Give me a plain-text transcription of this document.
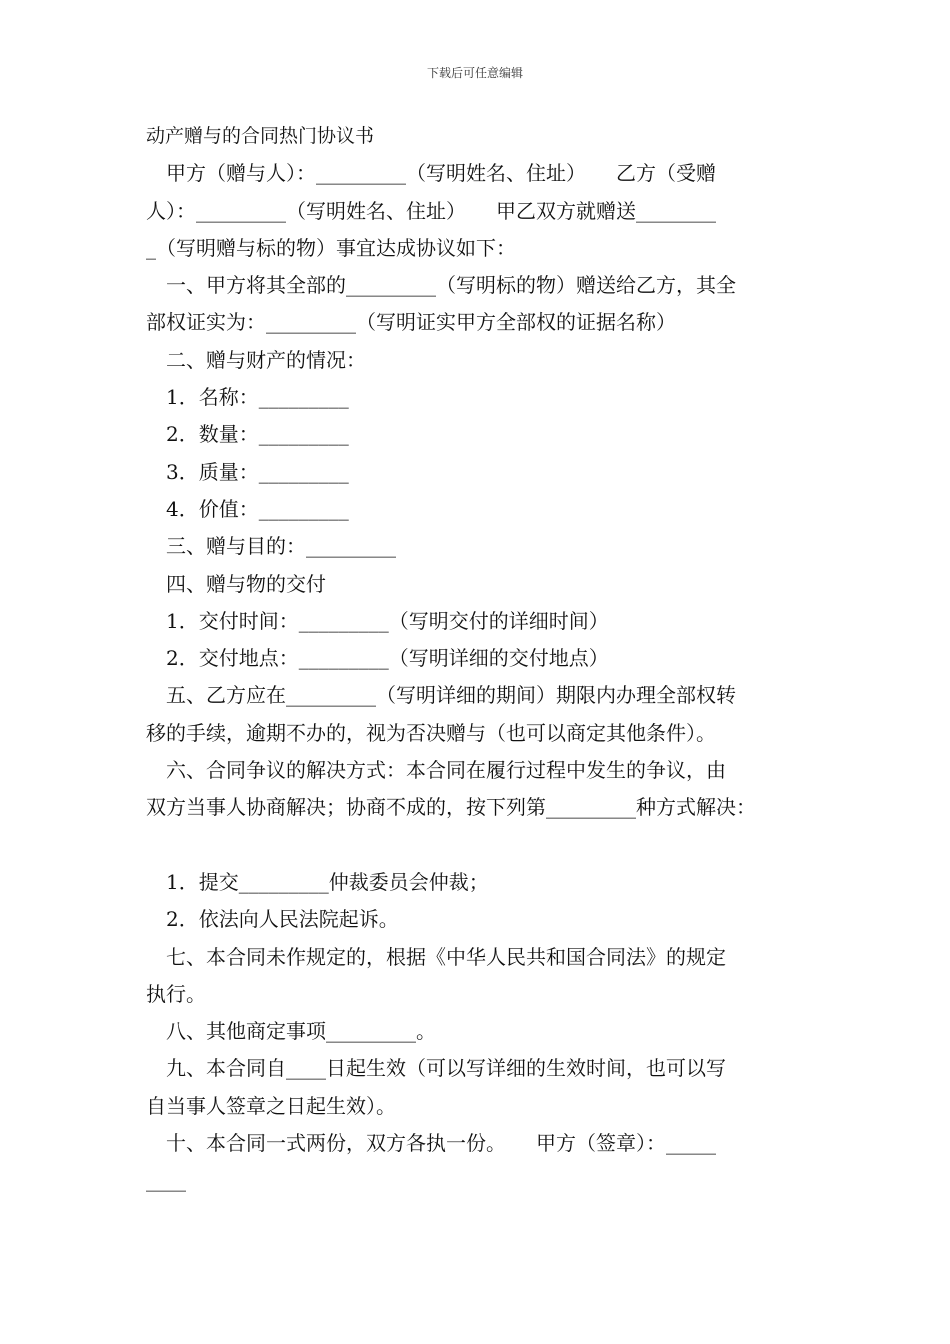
下载后可任意编辑
动产赠与的合同热门协议书
甲方（赠与人）：_________（写明姓名、住址）　　乙方（受赠
人）：_________（写明姓名、住址）　　甲乙双方就赠送________
_（写明赠与标的物）事宜达成协议如下：
一、甲方将其全部的_________（写明标的物）赠送给乙方，其全
部权证实为：_________（写明证实甲方全部权的证据名称）
二、赠与财产的情况：
1．名称：_________
2．数量：_________
3．质量：_________
4．价值：_________
三、赠与目的：_________
四、赠与物的交付
1．交付时间：_________（写明交付的详细时间）
2．交付地点：_________（写明详细的交付地点）
五、乙方应在_________（写明详细的期间）期限内办理全部权转
移的手续，逾期不办的，视为否决赠与（也可以商定其他条件）。
六、合同争议的解决方式：本合同在履行过程中发生的争议，由
双方当事人协商解决；协商不成的，按下列第_________种方式解决：
1．提交_________仲裁委员会仲裁；
2．依法向人民法院起诉。
七、本合同未作规定的，根据《中华人民共和国合同法》的规定
执行。
八、其他商定事项_________。
九、本合同自____日起生效（可以写详细的生效时间，也可以写
自当事人签章之日起生效）。
十、本合同一式两份，双方各执一份。　　甲方（签章）：_____
____
